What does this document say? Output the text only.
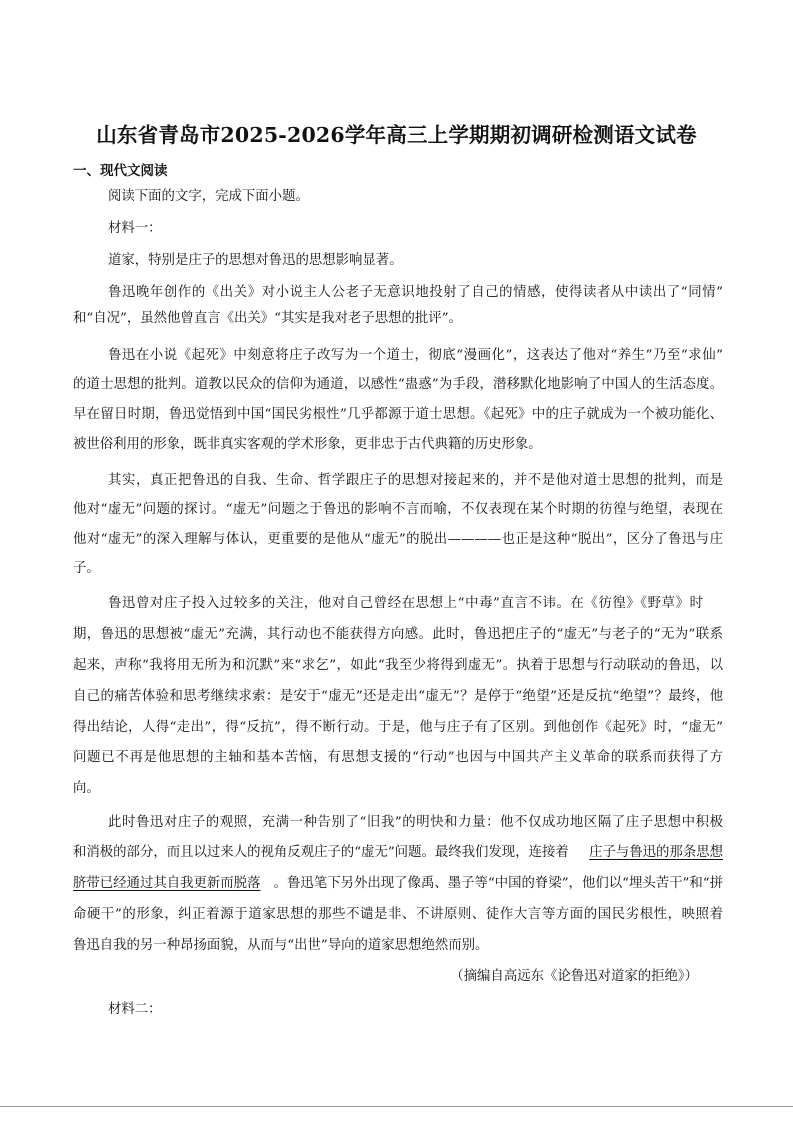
山东省青岛市2025-2026学年高三上学期期初调研检测语文试卷
一、现代文阅读
阅读下面的文字，完成下面小题。
材料一：
道家，特别是庄子的思想对鲁迅的思想影响显著。
鲁迅晚年创作的《出关》对小说主人公老子无意识地投射了自己的情感，使得读者从中读出了“同情”
和“自况”，虽然他曾直言《出关》“其实是我对老子思想的批评”。
鲁迅在小说《起死》中刻意将庄子改写为一个道士，彻底“漫画化”，这表达了他对“养生”乃至“求仙”
的道士思想的批判。道教以民众的信仰为通道，以感性“蛊惑”为手段，潜移默化地影响了中国人的生活态度。
早在留日时期，鲁迅觉悟到中国“国民劣根性”几乎都源于道士思想。《起死》中的庄子就成为一个被功能化、
被世俗利用的形象，既非真实客观的学术形象，更非忠于古代典籍的历史形象。
其实，真正把鲁迅的自我、生命、哲学跟庄子的思想对接起来的，并不是他对道士思想的批判，而是
他对“虚无”问题的探讨。“虚无”问题之于鲁迅的影响不言而喻，不仅表现在某个时期的彷徨与绝望，表现在
他对“虚无”的深入理解与体认，更重要的是他从“虚无”的脱出————也正是这种“脱出”，区分了鲁迅与庄
子。
鲁迅曾对庄子投入过较多的关注，他对自己曾经在思想上“中毒”直言不讳。在《彷徨》《野草》时
期，鲁迅的思想被“虚无”充满，其行动也不能获得方向感。此时，鲁迅把庄子的“虚无”与老子的“无为”联系
起来，声称“我将用无所为和沉默”来“求乞”，如此“我至少将得到虚无”。执着于思想与行动联动的鲁迅，以
自己的痛苦体验和思考继续求索：是安于“虚无”还是走出“虚无”？是停于“绝望”还是反抗“绝望”？最终，他
得出结论，人得“走出”，得“反抗”，得不断行动。于是，他与庄子有了区别。到他创作《起死》时，“虚无”
问题已不再是他思想的主轴和基本苦恼，有思想支援的“行动”也因与中国共产主义革命的联系而获得了方
向。
此时鲁迅对庄子的观照，充满一种告别了“旧我”的明快和力量：他不仅成功地区隔了庄子思想中积极
和消极的部分，而且以过来人的视角反观庄子的“虚无”问题。最终我们发现，连接着 庄子与鲁迅的那条思想
脐带已经通过其自我更新而脱落 。鲁迅笔下另外出现了像禹、墨子等“中国的脊梁”，他们以“埋头苦干”和“拼
命硬干”的形象，纠正着源于道家思想的那些不谴是非、不讲原则、徒作大言等方面的国民劣根性，映照着
鲁迅自我的另一种昂扬面貌，从而与“出世”导向的道家思想绝然而别。
（摘编自高远东《论鲁迅对道家的拒绝》）
材料二：
